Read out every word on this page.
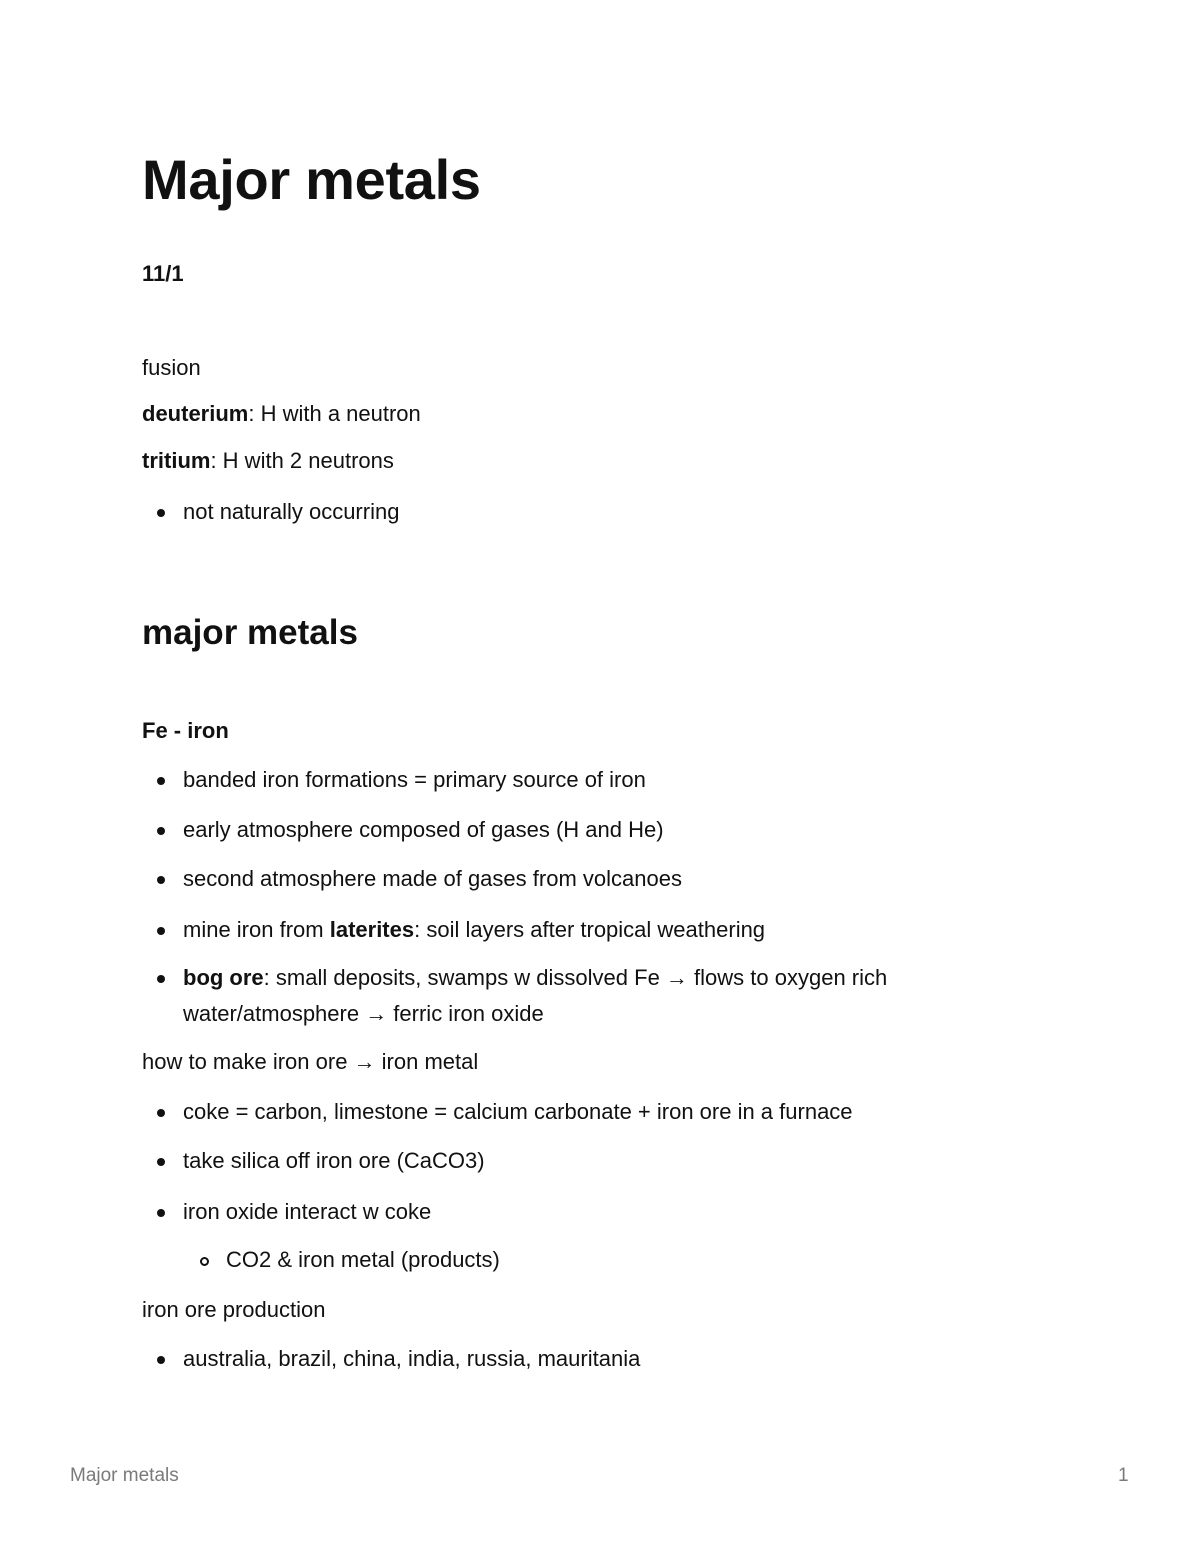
Major metals
11/1
fusion
deuterium: H with a neutron
tritium: H with 2 neutrons
not naturally occurring
major metals
Fe - iron
banded iron formations = primary source of iron
early atmosphere composed of gases (H and He)
second atmosphere made of gases from volcanoes
mine iron from laterites: soil layers after tropical weathering
bog ore: small deposits, swamps w dissolved Fe → flows to oxygen rich water/atmosphere → ferric iron oxide
how to make iron ore → iron metal
coke = carbon, limestone = calcium carbonate + iron ore in a furnace
take silica off iron ore (CaCO3)
iron oxide interact w coke
CO2 & iron metal (products)
iron ore production
australia, brazil, china, india, russia, mauritania
Major metals	1
